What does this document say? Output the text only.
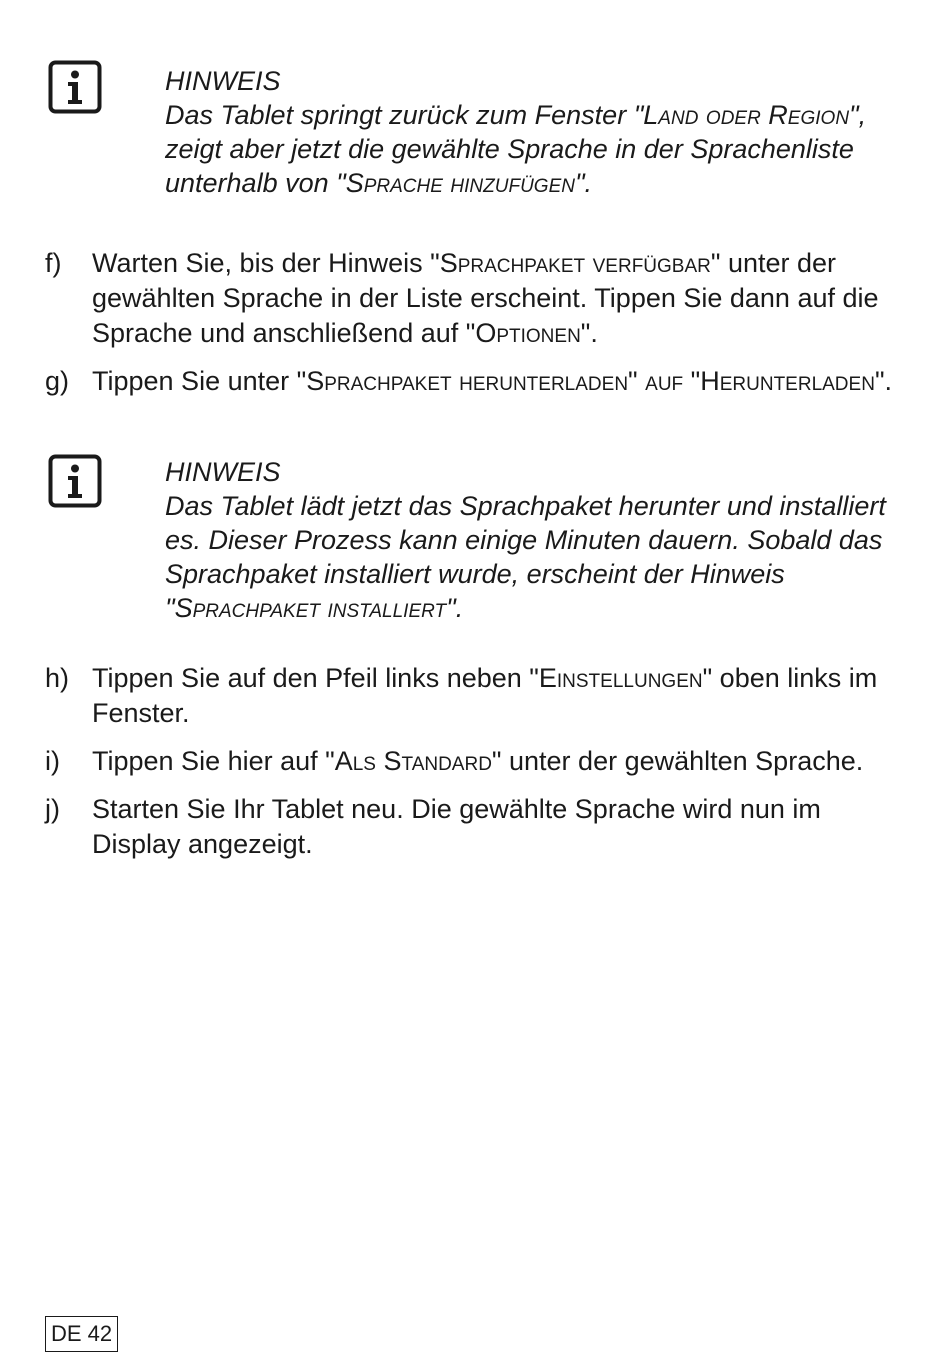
HINWEIS
Das Tablet springt zurück zum Fenster "Land oder Region", zeigt aber jetzt die gewählte Sprache in der Sprachenliste unterhalb von "Sprache hinzufügen".
f)	Warten Sie, bis der Hinweis "Sprachpaket verfügbar" unter der gewählten Sprache in der Liste erscheint. Tippen Sie dann auf die Sprache und anschließend auf "Optionen".
g) Tippen Sie unter "Sprachpaket herunterladen" auf "Herunterladen".
HINWEIS
Das Tablet lädt jetzt das Sprachpaket herunter und installiert es. Dieser Prozess kann einige Minuten dauern. Sobald das Sprachpaket installiert wurde, erscheint der Hinweis "Sprachpaket installiert".
h) Tippen Sie auf den Pfeil links neben "Einstellungen" oben links im Fenster.
i)	Tippen Sie hier auf "Als Standard" unter der gewählten Sprache.
j)	Starten Sie Ihr Tablet neu. Die gewählte Sprache wird nun im Display angezeigt.
DE 42
